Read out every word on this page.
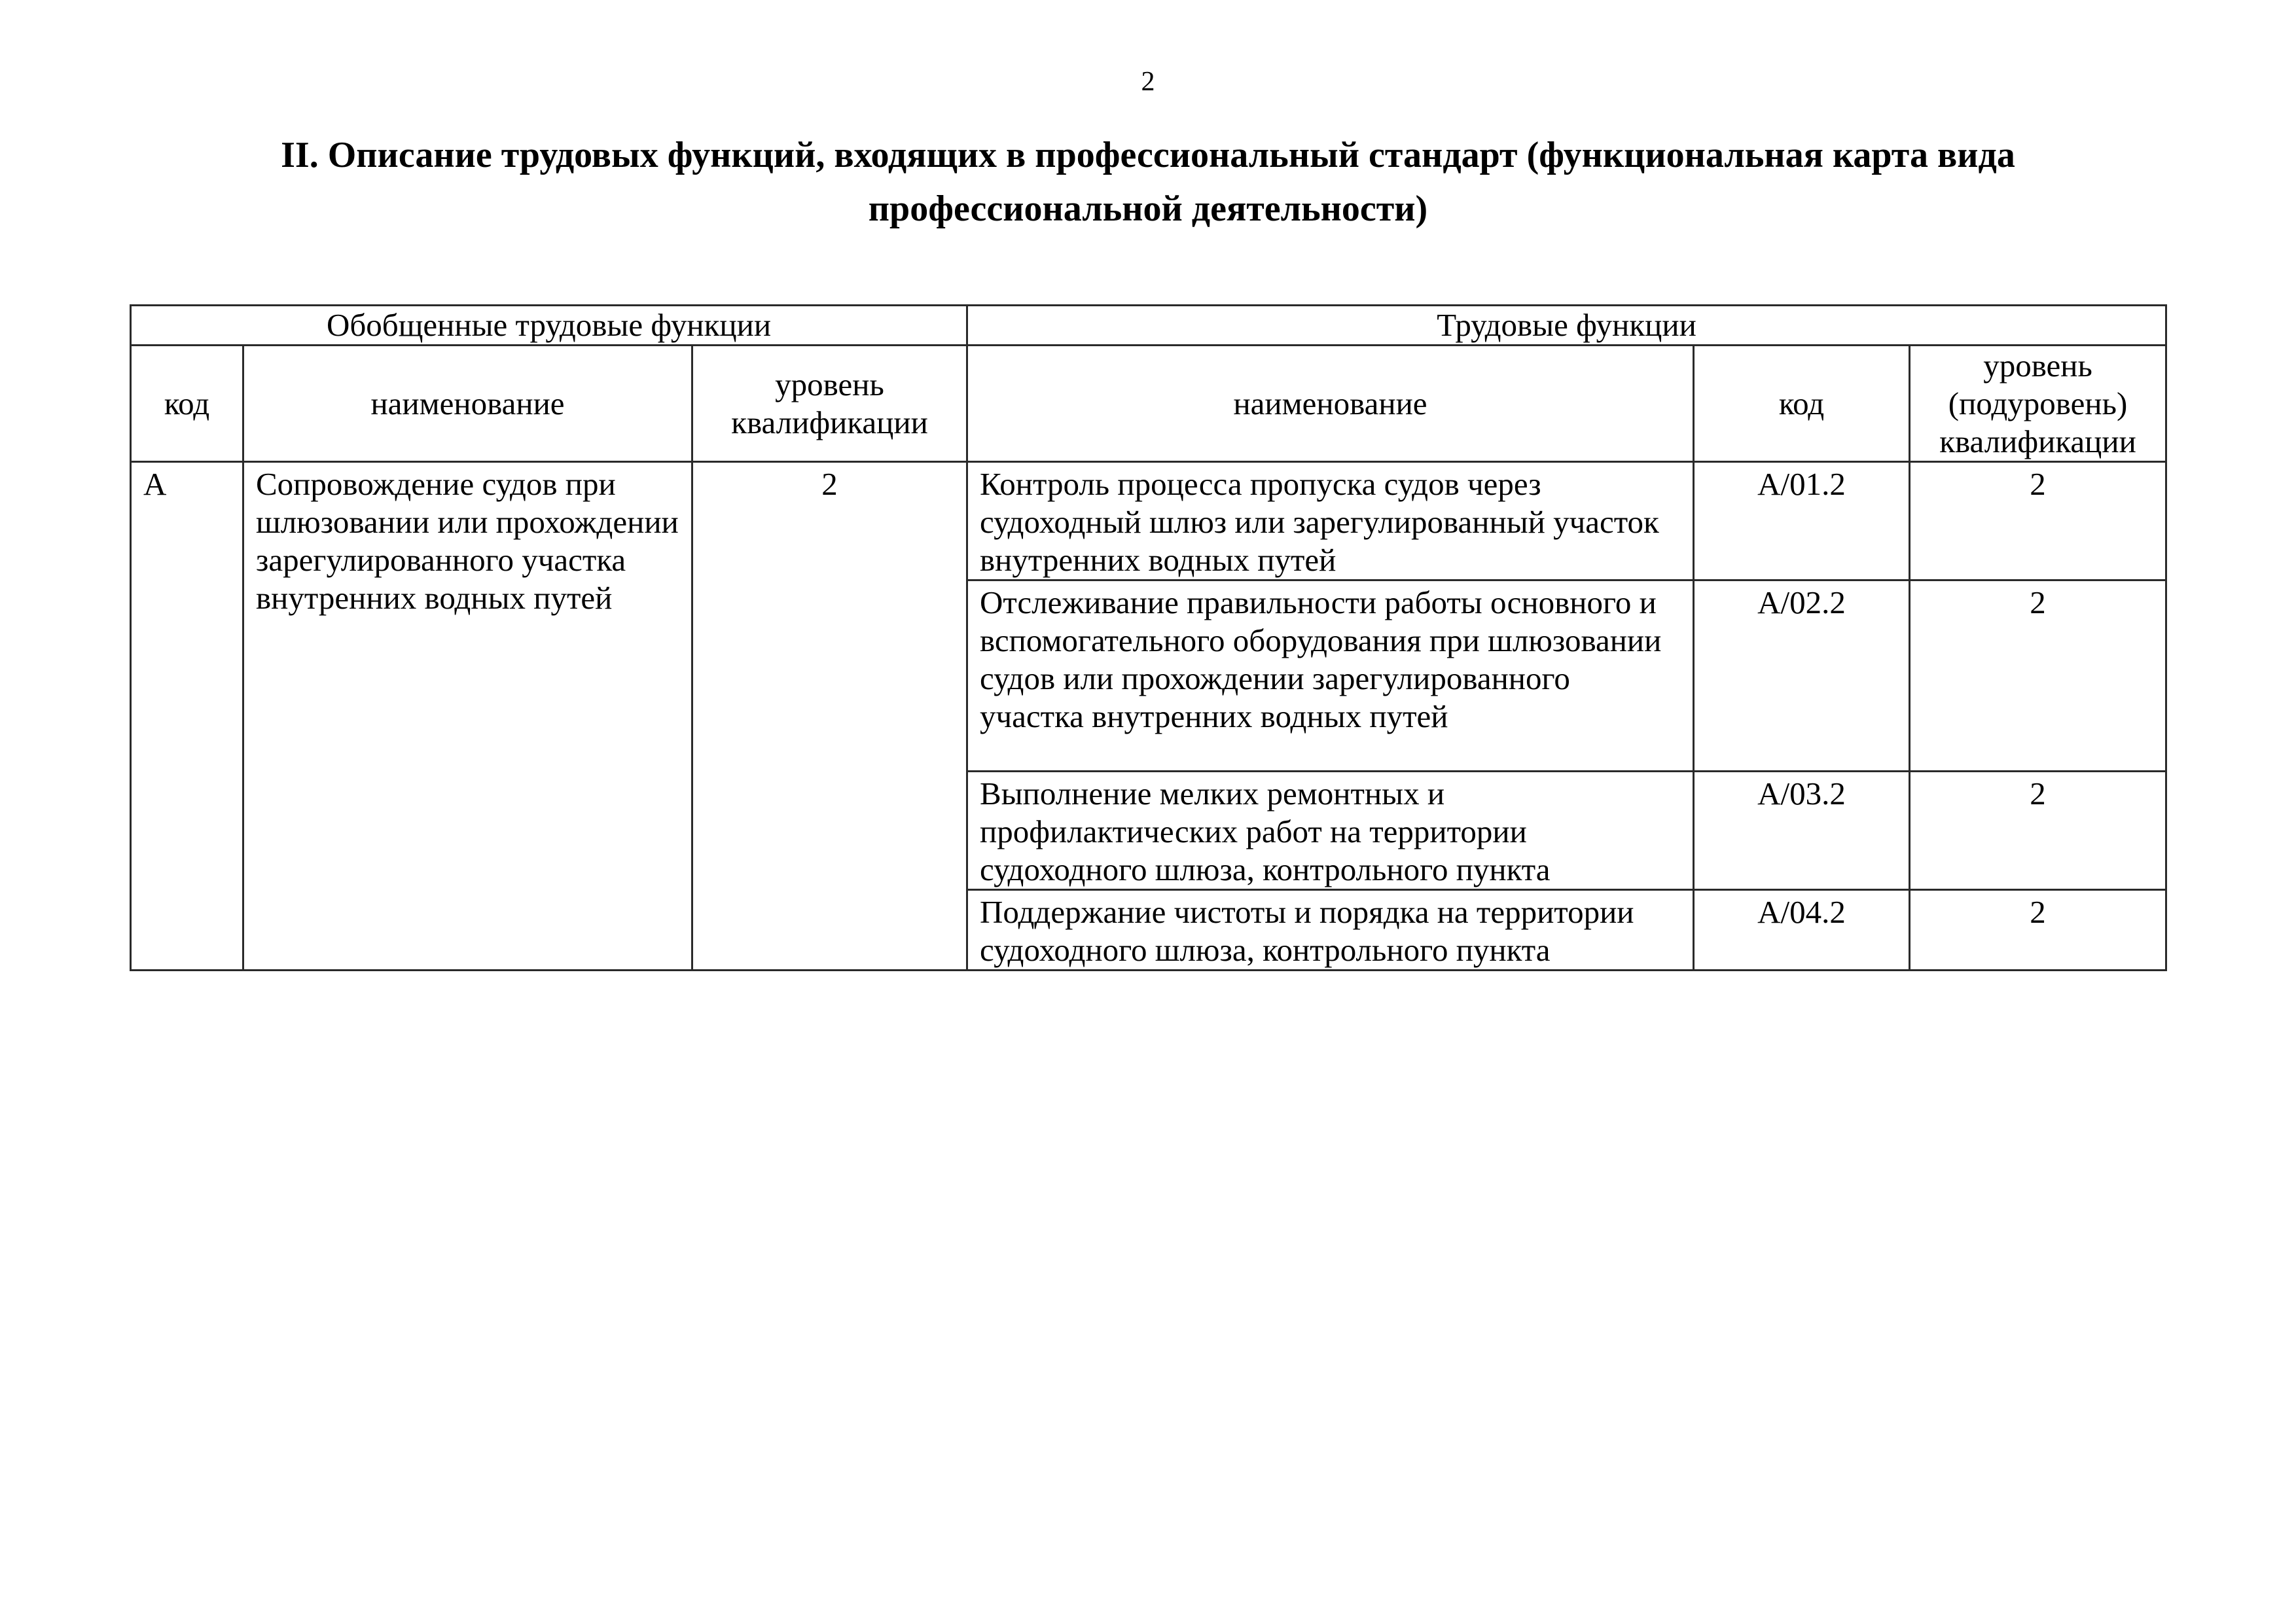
2
II. Описание трудовых функций, входящих в профессиональный стандарт (функциональная карта вида профессиональной деятельности)
Обобщенные трудовые функции			Трудовые функции		
код	наименование	уровень квалификации	наименование	код	уровень (подуровень) квалификации
А	Сопровождение судов при шлюзовании или прохождении зарегулированного участка внутренних водных путей	2	Контроль процесса пропуска судов через судоходный шлюз или зарегулированный участок внутренних водных путей	А/01.2	2
			Отслеживание правильности работы основного и вспомогательного оборудования при шлюзовании судов или прохождении зарегулированного участка внутренних водных путей	А/02.2	2
			Выполнение мелких ремонтных и профилактических работ на территории судоходного шлюза, контрольного пункта	А/03.2	2
			Поддержание чистоты и порядка на территории судоходного шлюза, контрольного пункта	А/04.2	2
